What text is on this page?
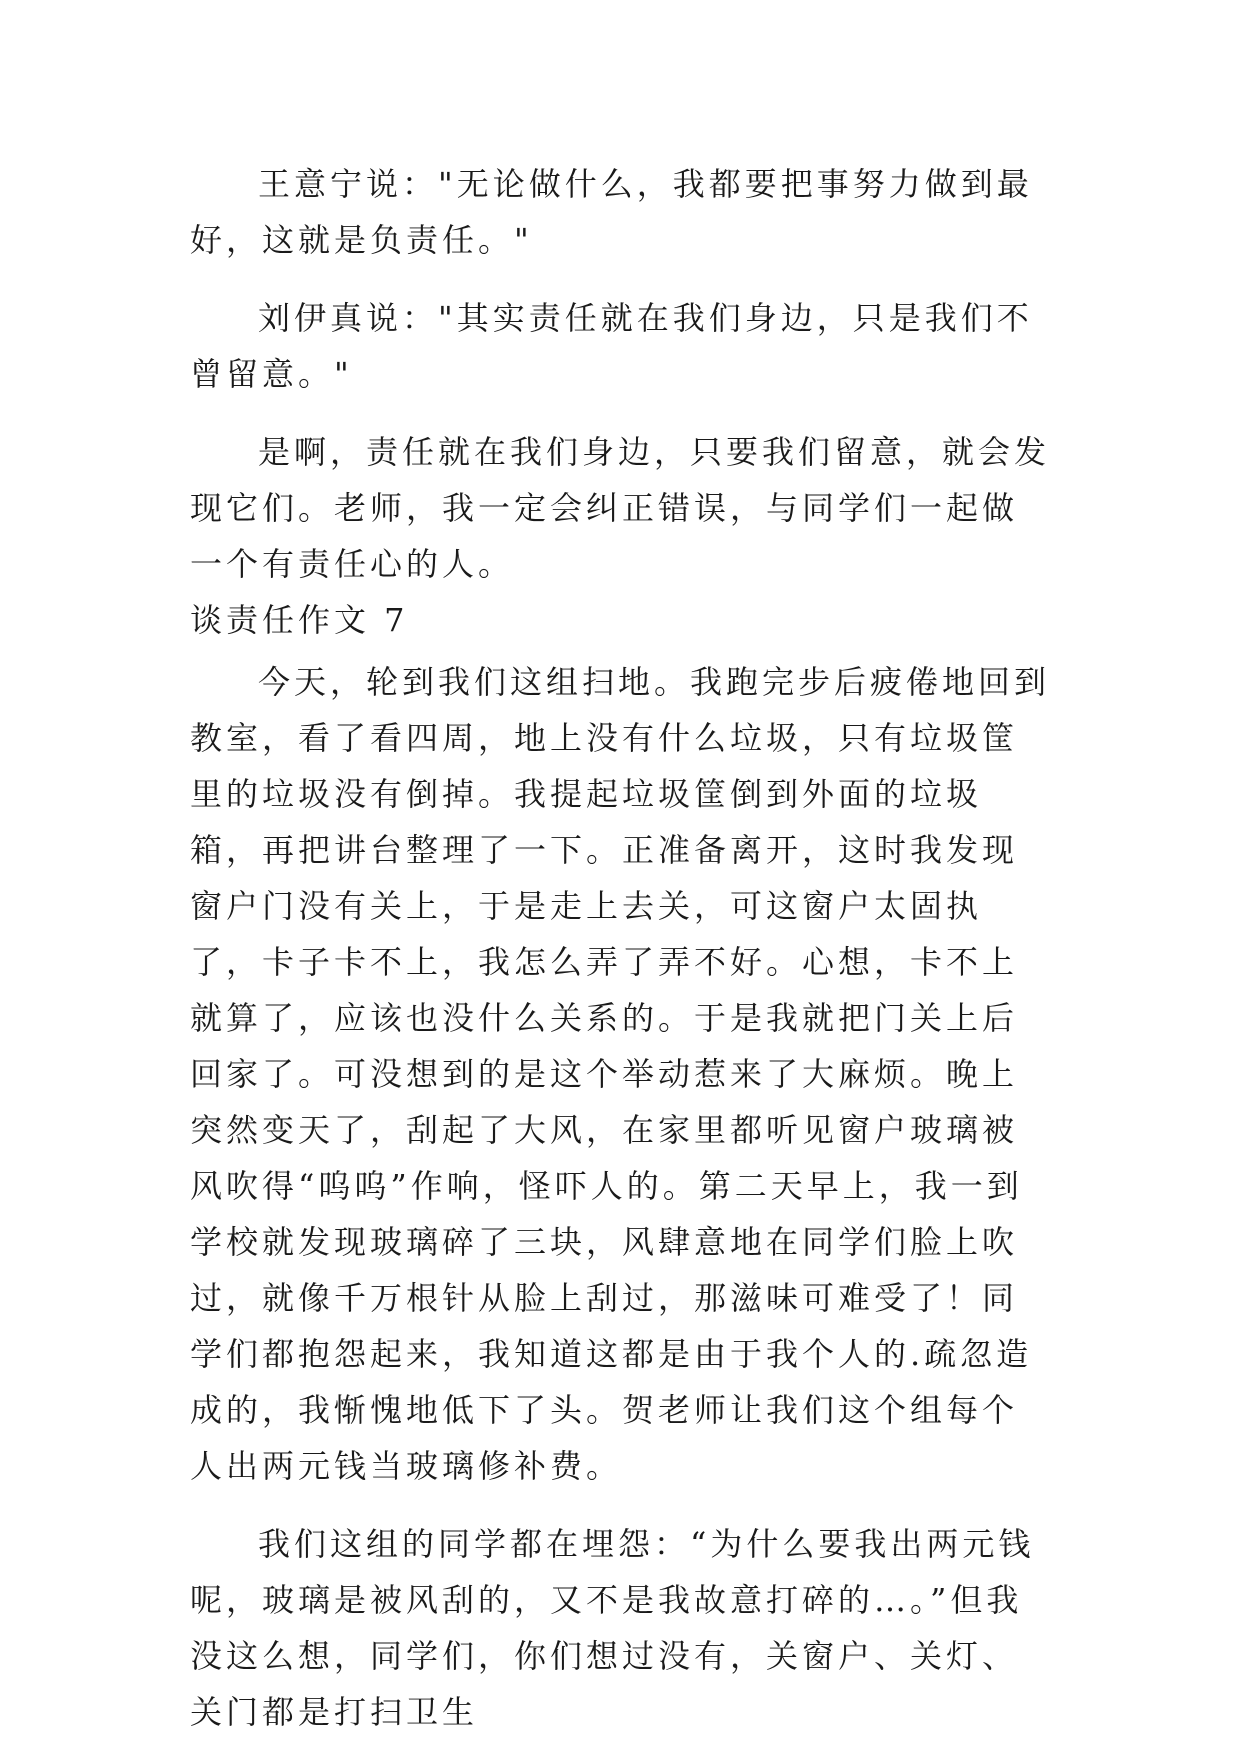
王意宁说："无论做什么，我都要把事努力做到最好，这就是负责任。"

刘伊真说："其实责任就在我们身边，只是我们不曾留意。"

是啊，责任就在我们身边，只要我们留意，就会发现它们。老师，我一定会纠正错误，与同学们一起做一个有责任心的人。

谈责任作文 7

今天，轮到我们这组扫地。我跑完步后疲倦地回到教室，看了看四周，地上没有什么垃圾，只有垃圾筐里的垃圾没有倒掉。我提起垃圾筐倒到外面的垃圾箱，再把讲台整理了一下。正准备离开，这时我发现窗户门没有关上，于是走上去关，可这窗户太固执了，卡子卡不上，我怎么弄了弄不好。心想，卡不上就算了，应该也没什么关系的。于是我就把门关上后回家了。可没想到的是这个举动惹来了大麻烦。晚上突然变天了，刮起了大风，在家里都听见窗户玻璃被风吹得“呜呜”作响，怪吓人的。第二天早上，我一到学校就发现玻璃碎了三块，风肆意地在同学们脸上吹过，就像千万根针从脸上刮过，那滋味可难受了！同学们都抱怨起来，我知道这都是由于我个人的.疏忽造成的，我惭愧地低下了头。贺老师让我们这个组每个人出两元钱当玻璃修补费。

我们这组的同学都在埋怨：“为什么要我出两元钱呢，玻璃是被风刮的，又不是我故意打碎的…。”但我没这么想，同学们，你们想过没有，关窗户、关灯、关门都是打扫卫生
